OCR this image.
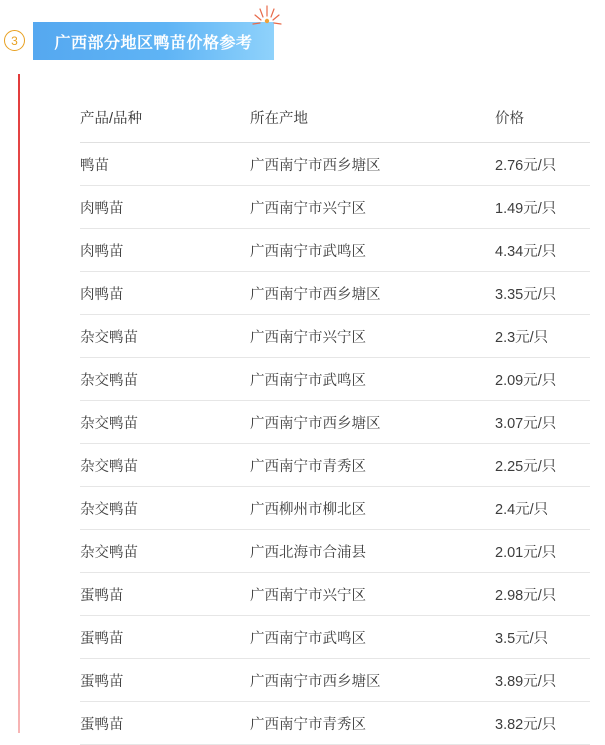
3	广西部分地区鸭苗价格参考
产品/品种	所在产地	价格
鸭苗	广西南宁市西乡塘区	2.76元/只
肉鸭苗	广西南宁市兴宁区	1.49元/只
肉鸭苗	广西南宁市武鸣区	4.34元/只
肉鸭苗	广西南宁市西乡塘区	3.35元/只
杂交鸭苗	广西南宁市兴宁区	2.3元/只
杂交鸭苗	广西南宁市武鸣区	2.09元/只
杂交鸭苗	广西南宁市西乡塘区	3.07元/只
杂交鸭苗	广西南宁市青秀区	2.25元/只
杂交鸭苗	广西柳州市柳北区	2.4元/只
杂交鸭苗	广西北海市合浦县	2.01元/只
蛋鸭苗	广西南宁市兴宁区	2.98元/只
蛋鸭苗	广西南宁市武鸣区	3.5元/只
蛋鸭苗	广西南宁市西乡塘区	3.89元/只
蛋鸭苗	广西南宁市青秀区	3.82元/只
